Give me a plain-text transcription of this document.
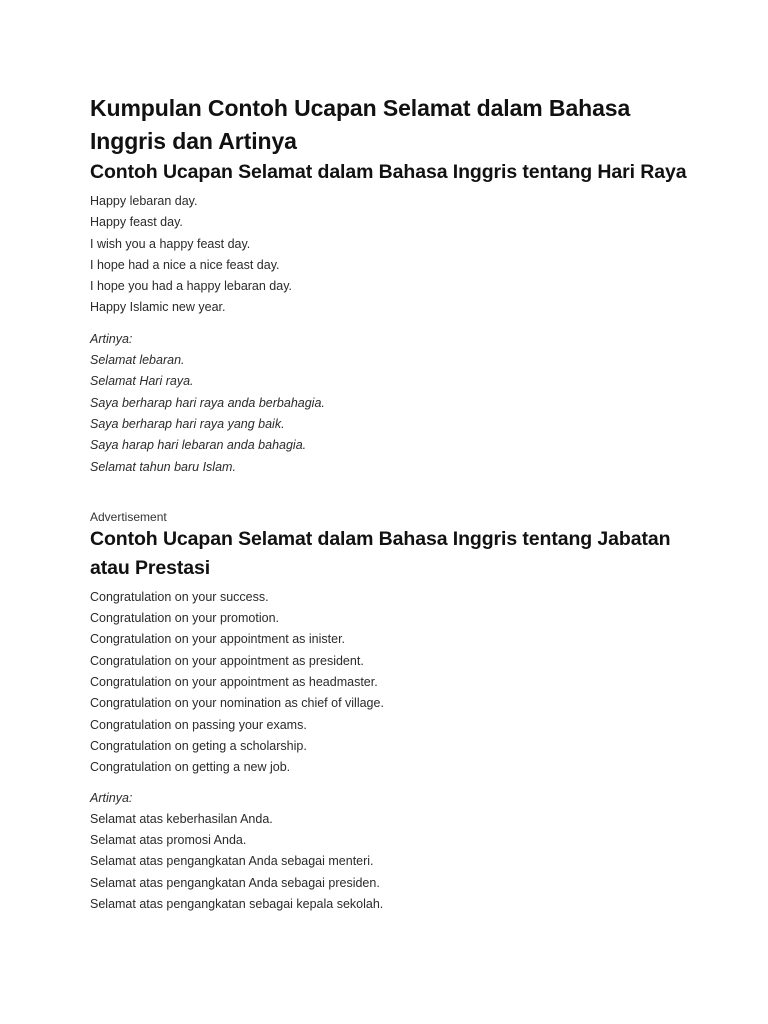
Kumpulan Contoh Ucapan Selamat dalam Bahasa Inggris dan Artinya
Contoh Ucapan Selamat dalam Bahasa Inggris tentang Hari Raya
Happy lebaran day.
Happy feast day.
I wish you a happy feast day.
I hope had a nice a nice feast day.
I hope you had a happy lebaran day.
Happy Islamic new year.
Artinya:
Selamat lebaran.
Selamat Hari raya.
Saya berharap hari raya anda berbahagia.
Saya berharap hari raya yang baik.
Saya harap hari lebaran anda bahagia.
Selamat tahun baru Islam.
Advertisement
Contoh Ucapan Selamat dalam Bahasa Inggris tentang Jabatan atau Prestasi
Congratulation on your success.
Congratulation on your promotion.
Congratulation on your appointment as inister.
Congratulation on your appointment as president.
Congratulation on your appointment as headmaster.
Congratulation on your nomination as chief of village.
Congratulation on passing your exams.
Congratulation on geting a scholarship.
Congratulation on getting a new job.
Artinya:
Selamat atas keberhasilan Anda.
Selamat atas promosi Anda.
Selamat atas pengangkatan Anda sebagai menteri.
Selamat atas pengangkatan Anda sebagai presiden.
Selamat atas pengangkatan sebagai kepala sekolah.
